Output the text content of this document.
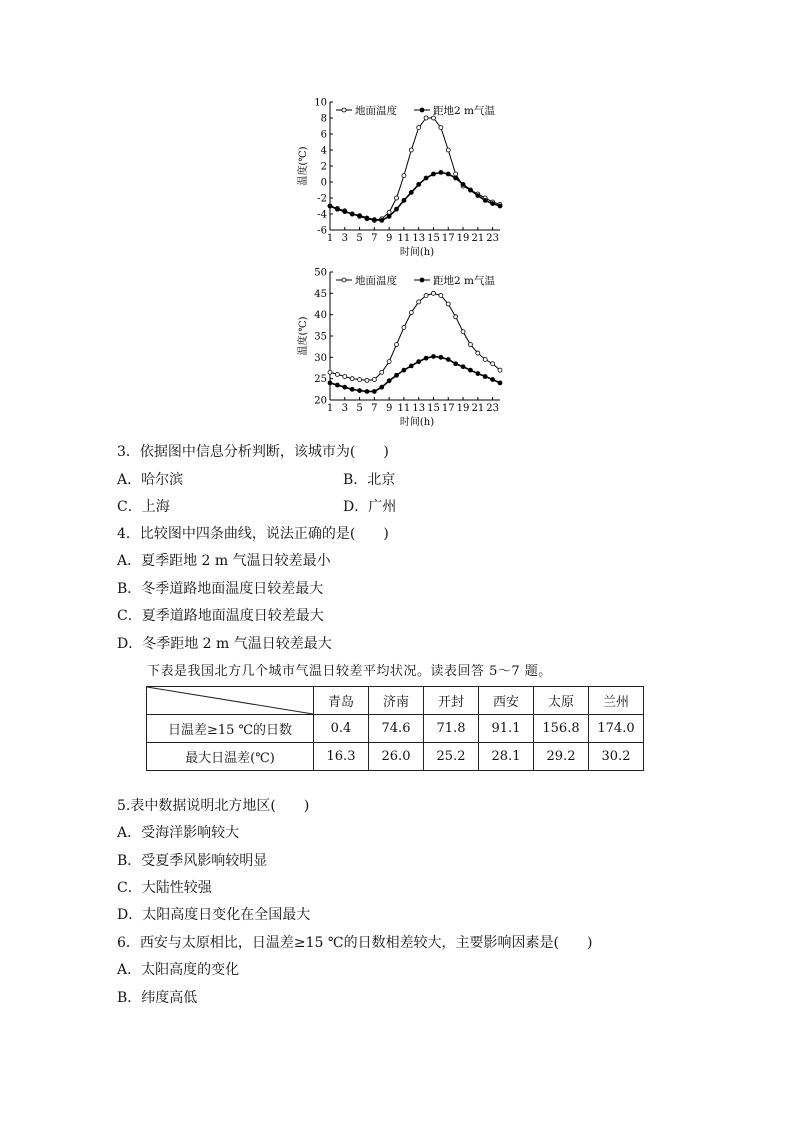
-6
-4
-2
0
2
4
6
8
10
1 3 5 7 9 11 13 15 17 19 21 23
时间(h)
温度(℃)
地面温度	距地2 m气温
20
25
30
35
40
45
50
1 3 5 7 9 11 13 15 17 19 21 23
时间(h)
温度(℃)
地面温度	距地2 m气温
3．依据图中信息分析判断，该城市为(　　)
A．哈尔滨	B．北京
C．上海	D．广州
4．比较图中四条曲线，说法正确的是(　　)
A．夏季距地 2 m 气温日较差最小
B．冬季道路地面温度日较差最大
C．夏季道路地面温度日较差最大
D．冬季距地 2 m 气温日较差最大
下表是我国北方几个城市气温日较差平均状况。读表回答 5～7 题。
	青岛	济南	开封	西安	太原	兰州
日温差≥15 ℃的日数	0.4	74.6	71.8	91.1	156.8	174.0
最大日温差(℃)	16.3	26.0	25.2	28.1	29.2	30.2
5.表中数据说明北方地区(　　)
A．受海洋影响较大
B．受夏季风影响较明显
C．大陆性较强
D．太阳高度日变化在全国最大
6．西安与太原相比，日温差≥15 ℃的日数相差较大，主要影响因素是(　　)
A．太阳高度的变化
B．纬度高低
